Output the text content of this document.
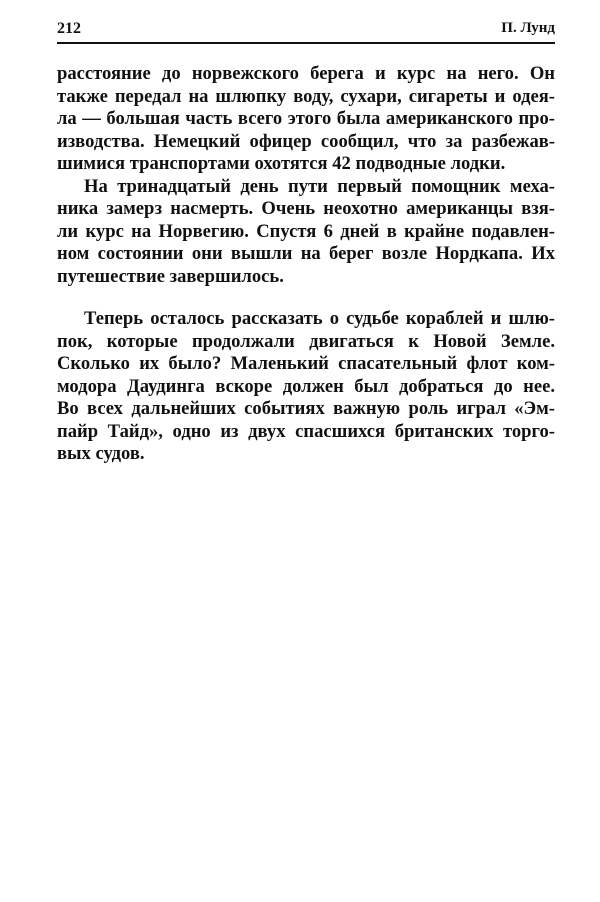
212	П. Лунд
расстояние до норвежского берега и курс на него. Он
также передал на шлюпку воду, сухари, сигареты и одея-
ла — большая часть всего этого была американского про-
изводства. Немецкий офицер сообщил, что за разбежав-
шимися транспортами охотятся 42 подводные лодки.
На тринадцатый день пути первый помощник меха-
ника замерз насмерть. Очень неохотно американцы взя-
ли курс на Норвегию. Спустя 6 дней в крайне подавлен-
ном состоянии они вышли на берег возле Нордкапа. Их
путешествие завершилось.
Теперь осталось рассказать о судьбе кораблей и шлю-
пок, которые продолжали двигаться к Новой Земле.
Сколько их было? Маленький спасательный флот ком-
модора Даудинга вскоре должен был добраться до нее.
Во всех дальнейших событиях важную роль играл «Эм-
пайр Тайд», одно из двух спасшихся британских торго-
вых судов.
